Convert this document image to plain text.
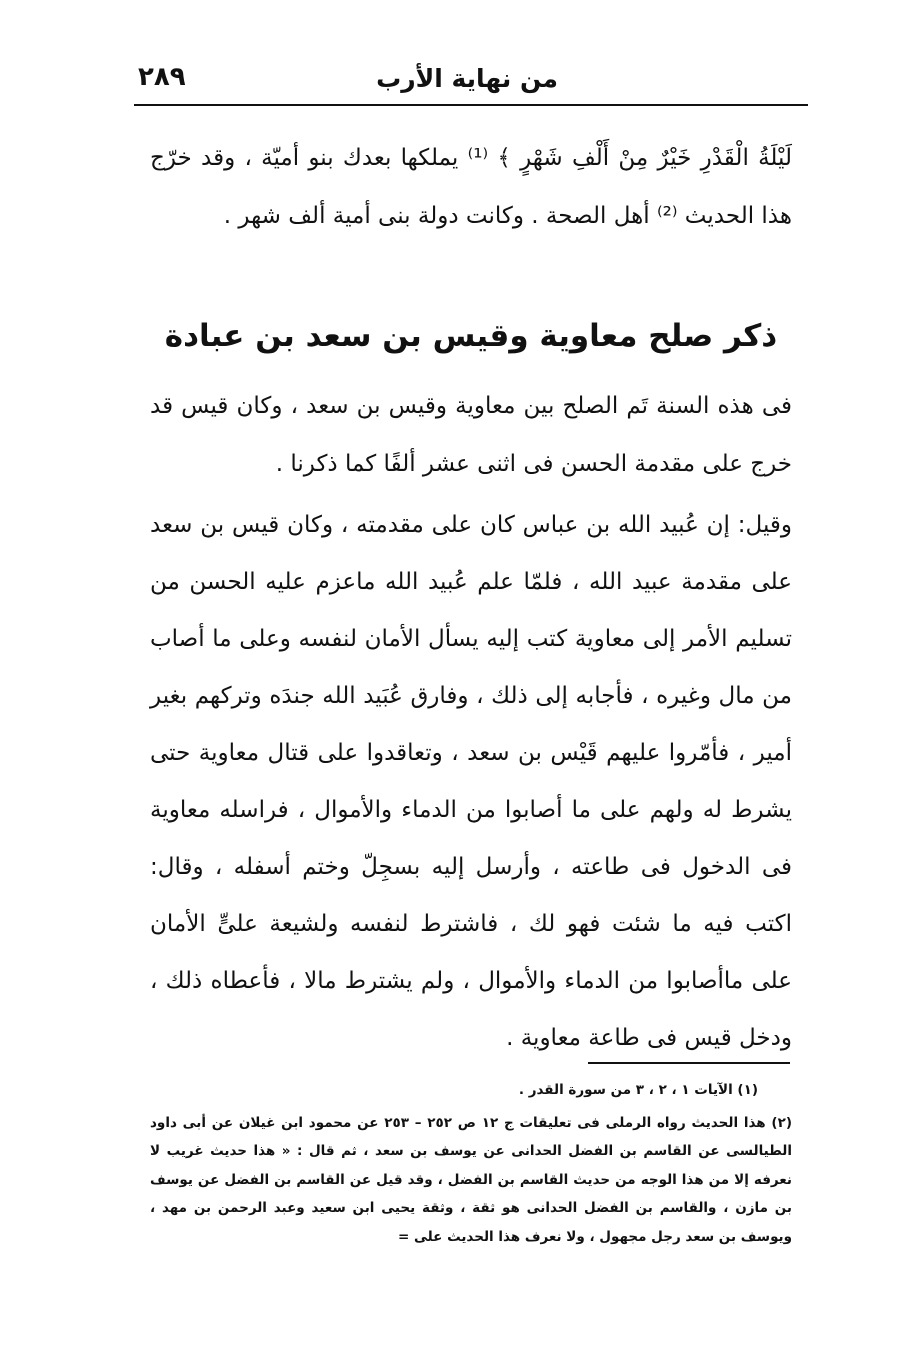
من نهاية الأرب
٢٨٩

لَيْلَةُ الْقَدْرِ خَيْرٌ مِنْ أَلْفِ شَهْرٍ ﴾ ⁽¹⁾ يملكها بعدك بنو أميّة ، وقد خرّج هذا الحديث ⁽²⁾ أهل الصحة . وكانت دولة بنى أمية ألف شهر .

ذكر صلح معاوية وقيس بن سعد بن عبادة

فى هذه السنة تَم الصلح بين معاوية وقيس بن سعد ، وكان قيس قد خرج على مقدمة الحسن فى اثنى عشر ألفًا كما ذكرنا .

وقيل: إن عُبيد الله بن عباس كان على مقدمته ، وكان قيس بن سعد على مقدمة عبيد الله ، فلمّا علم عُبيد الله ماعزم عليه الحسن من تسليم الأمر إلى معاوية كتب إليه يسأل الأمان لنفسه وعلى ما أصاب من مال وغيره ، فأجابه إلى ذلك ، وفارق عُبَيد الله جندَه وتركهم بغير أمير ، فأمّروا عليهم قَيْس بن سعد ، وتعاقدوا على قتال معاوية حتى يشرط له ولهم على ما أصابوا من الدماء والأموال ، فراسله معاوية فى الدخول فى طاعته ، وأرسل إليه بسجِلّ وختم أسفله ، وقال: اكتب فيه ما شئت فهو لك ، فاشترط لنفسه ولشيعة علىٍّ الأمان على ماأصابوا من الدماء والأموال ، ولم يشترط مالا ، فأعطاه ذلك ، ودخل قيس فى طاعة معاوية .

(١) الآيات ١ ، ٢ ، ٣ من سورة القدر .

(٢) هذا الحديث رواه الرملى فى تعليقات ج ١٢ ص ٢٥٢ – ٢٥٣ عن محمود ابن غيلان عن أبى داود الطيالسى عن القاسم بن الفضل الحدانى عن يوسف بن سعد ، ثم قال : « هذا حديث غريب لا نعرفه إلا من هذا الوجه من حديث القاسم بن الفضل ، وقد قيل عن القاسم بن الفضل عن يوسف بن مازن ، والقاسم بن الفضل الحدانى هو ثقة ، وثقة يحيى ابن سعيد وعبد الرحمن بن مهد ، ويوسف بن سعد رجل مجهول ، ولا نعرف هذا الحديث على =
